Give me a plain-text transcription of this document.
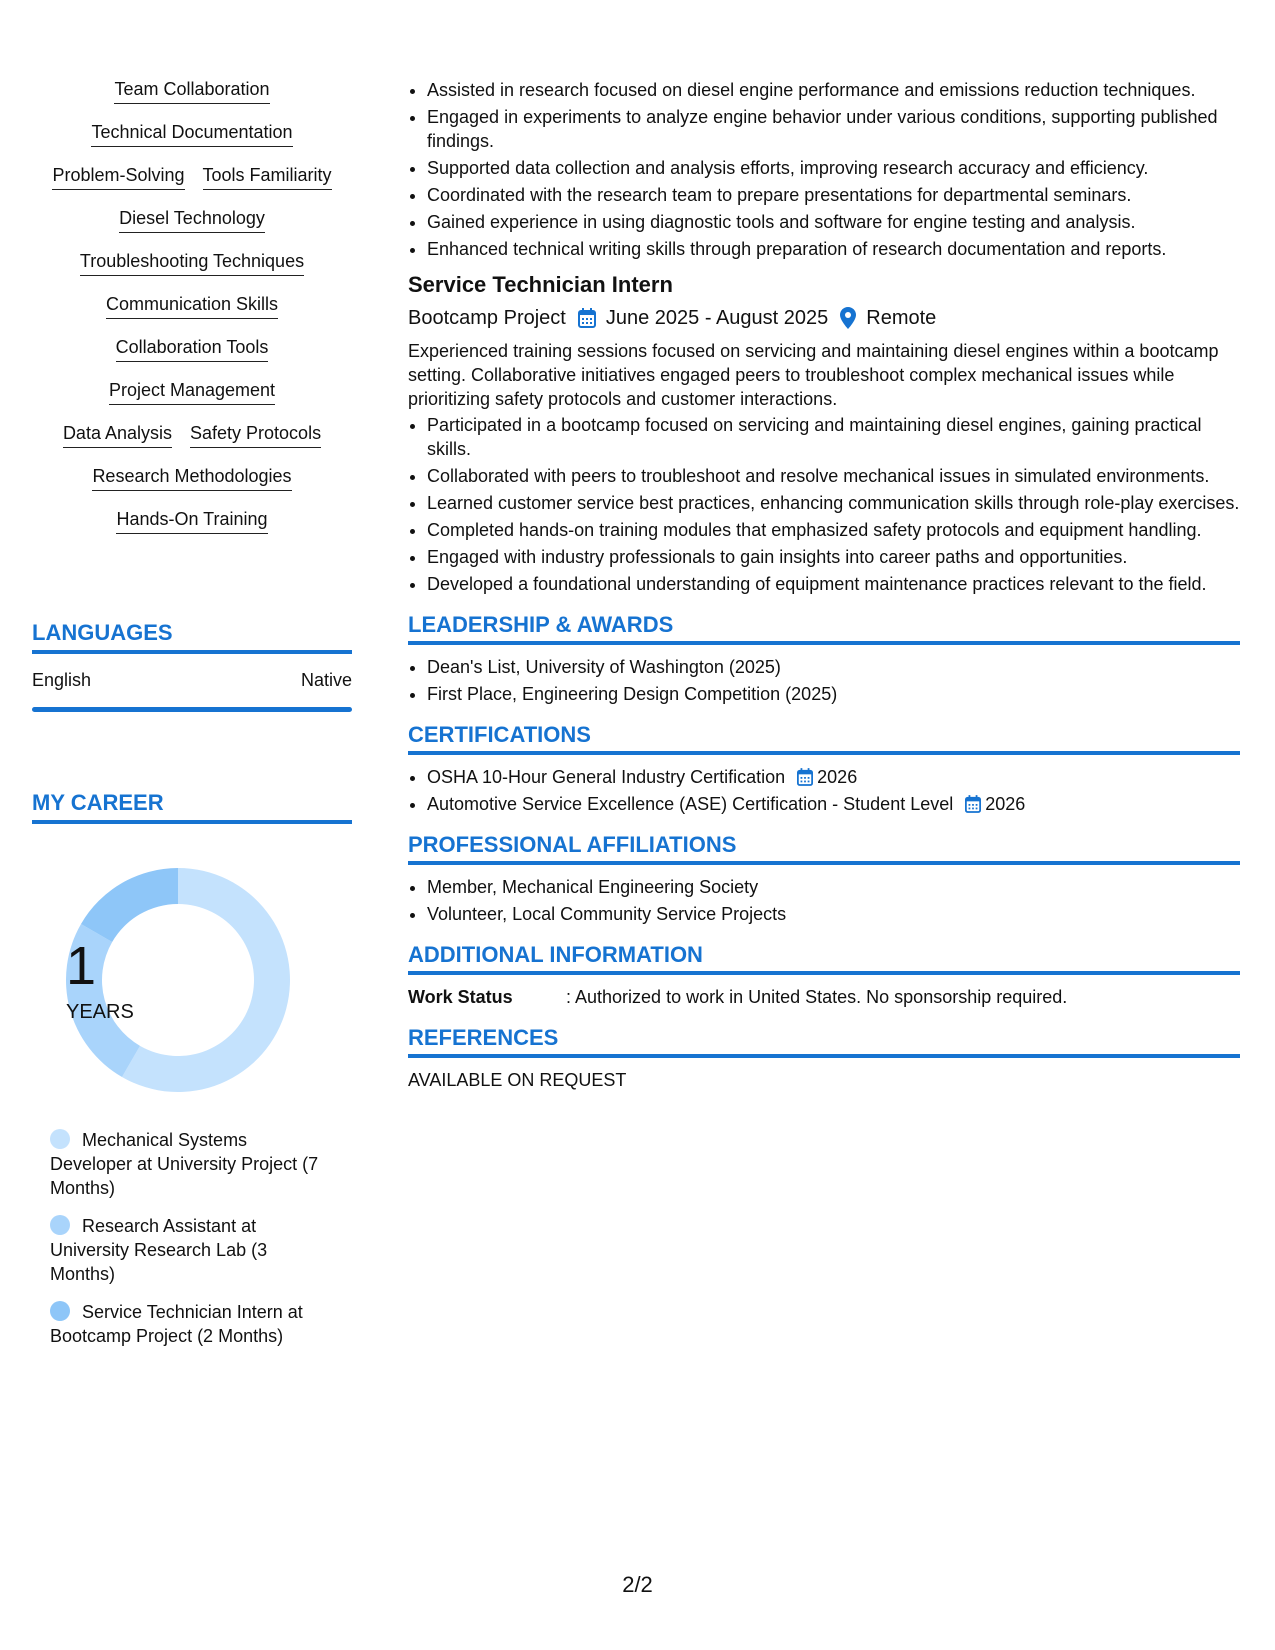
Team Collaboration
Technical Documentation
Problem-Solving Tools Familiarity
Diesel Technology
Troubleshooting Techniques
Communication Skills
Collaboration Tools
Project Management
Data Analysis Safety Protocols
Research Methodologies
Hands-On Training
LANGUAGES
English	Native
MY CAREER
1
YEARS
Mechanical Systems Developer at University Project (7 Months)
Research Assistant at University Research Lab (3 Months)
Service Technician Intern at Bootcamp Project (2 Months)
• Assisted in research focused on diesel engine performance and emissions reduction techniques.
• Engaged in experiments to analyze engine behavior under various conditions, supporting published findings.
• Supported data collection and analysis efforts, improving research accuracy and efficiency.
• Coordinated with the research team to prepare presentations for departmental seminars.
• Gained experience in using diagnostic tools and software for engine testing and analysis.
• Enhanced technical writing skills through preparation of research documentation and reports.
Service Technician Intern
Bootcamp Project June 2025 - August 2025 Remote
Experienced training sessions focused on servicing and maintaining diesel engines within a bootcamp setting. Collaborative initiatives engaged peers to troubleshoot complex mechanical issues while prioritizing safety protocols and customer interactions.
• Participated in a bootcamp focused on servicing and maintaining diesel engines, gaining practical skills.
• Collaborated with peers to troubleshoot and resolve mechanical issues in simulated environments.
• Learned customer service best practices, enhancing communication skills through role-play exercises.
• Completed hands-on training modules that emphasized safety protocols and equipment handling.
• Engaged with industry professionals to gain insights into career paths and opportunities.
• Developed a foundational understanding of equipment maintenance practices relevant to the field.
LEADERSHIP & AWARDS
• Dean's List, University of Washington (2025)
• First Place, Engineering Design Competition (2025)
CERTIFICATIONS
• OSHA 10-Hour General Industry Certification 2026
• Automotive Service Excellence (ASE) Certification - Student Level 2026
PROFESSIONAL AFFILIATIONS
• Member, Mechanical Engineering Society
• Volunteer, Local Community Service Projects
ADDITIONAL INFORMATION
Work Status	: Authorized to work in United States. No sponsorship required.
REFERENCES
AVAILABLE ON REQUEST
2/2
